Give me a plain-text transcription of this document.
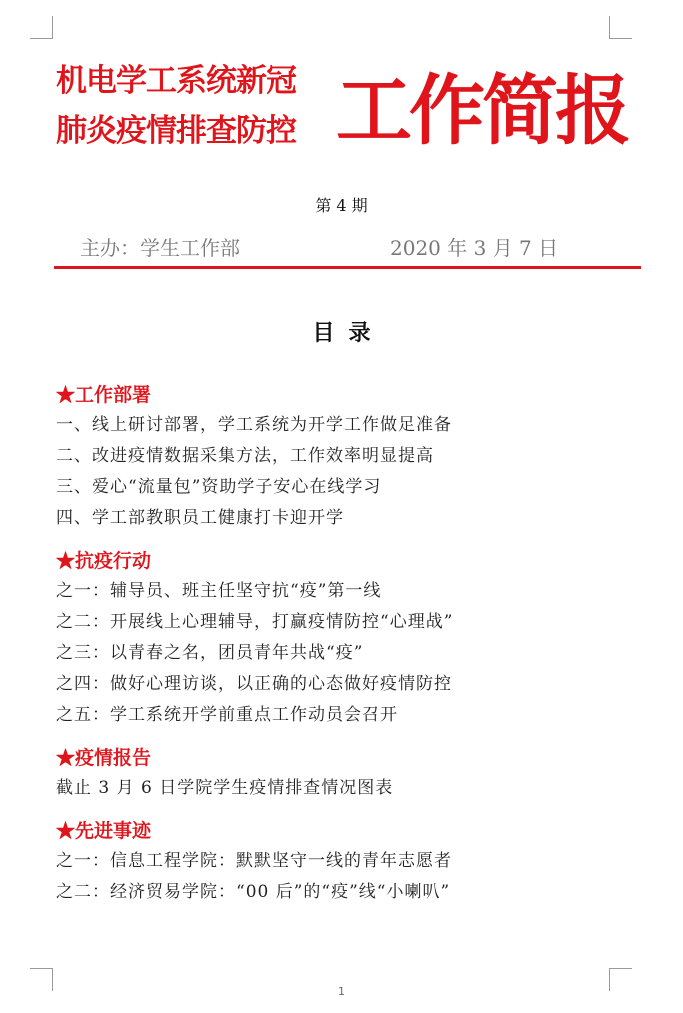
机电学工系统新冠
肺炎疫情排查防控 工作简报
第 4 期
主办：学生工作部	2020 年 3 月 7 日
目录
★工作部署
一、线上研讨部署，学工系统为开学工作做足准备
二、改进疫情数据采集方法，工作效率明显提高
三、爱心“流量包”资助学子安心在线学习
四、学工部教职员工健康打卡迎开学
★抗疫行动
之一：辅导员、班主任坚守抗“疫”第一线
之二：开展线上心理辅导，打赢疫情防控“心理战”
之三：以青春之名，团员青年共战“疫”
之四：做好心理访谈，以正确的心态做好疫情防控
之五：学工系统开学前重点工作动员会召开
★疫情报告
截止 3 月 6 日学院学生疫情排查情况图表
★先进事迹
之一：信息工程学院：默默坚守一线的青年志愿者
之二：经济贸易学院：“00 后”的“疫”线“小喇叭”
1
